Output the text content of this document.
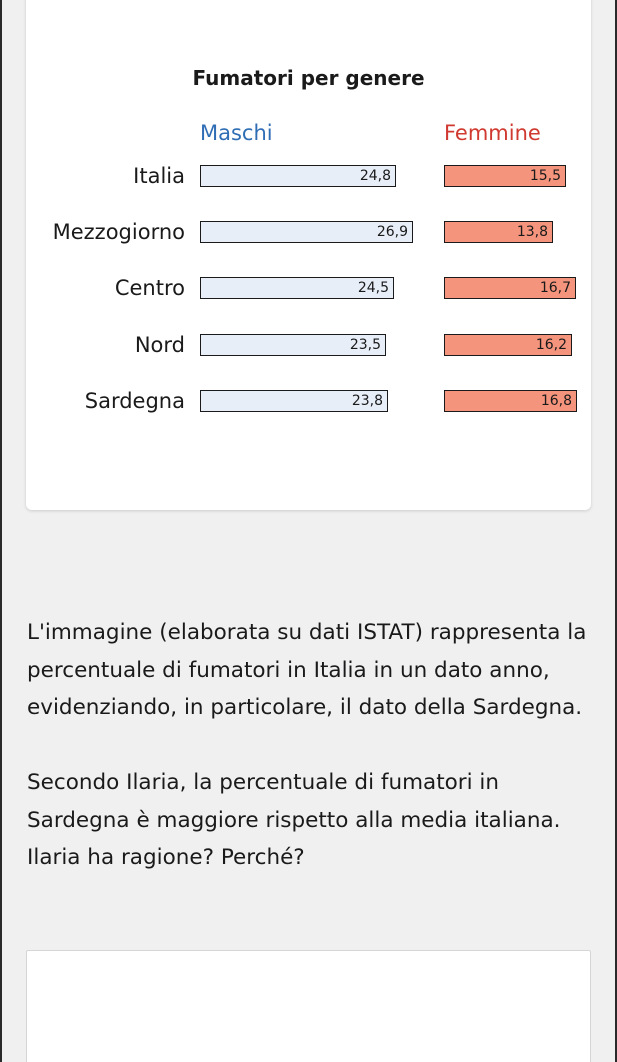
Fumatori per genere
Maschi	Femmine
Italia	24,8	15,5
Mezzogiorno	26,9	13,8
Centro	24,5	16,7
Nord	23,5	16,2
Sardegna	23,8	16,8

L'immagine (elaborata su dati ISTAT) rappresenta la percentuale di fumatori in Italia in un dato anno, evidenziando, in particolare, il dato della Sardegna.

Secondo Ilaria, la percentuale di fumatori in Sardegna è maggiore rispetto alla media italiana. Ilaria ha ragione? Perché?
